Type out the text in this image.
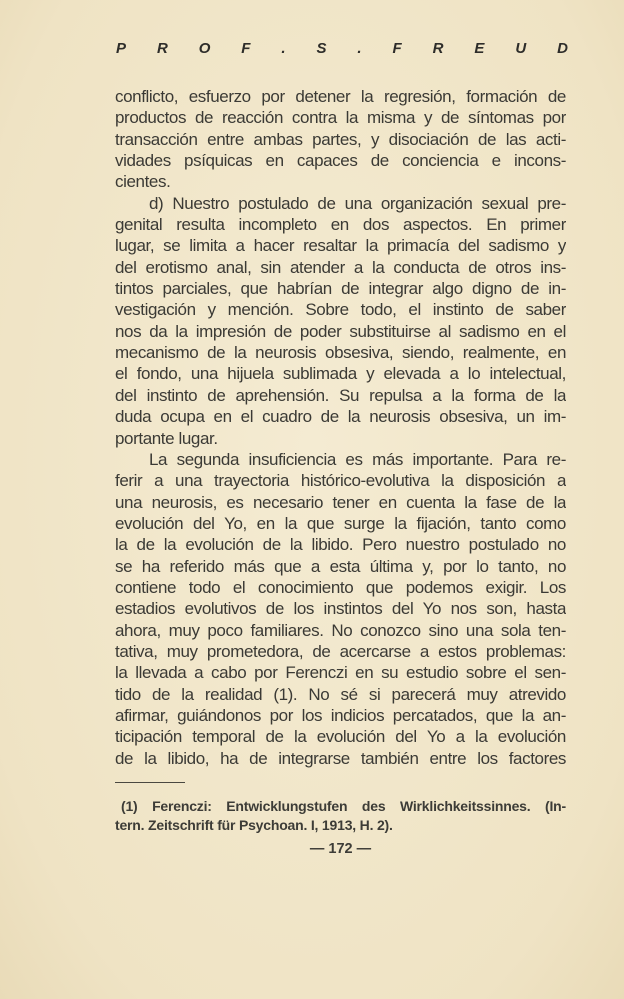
P R O F . S . F R E U D
conflicto, esfuerzo por detener la regresión, formación de
productos de reacción contra la misma y de síntomas por
transacción entre ambas partes, y disociación de las acti-
vidades psíquicas en capaces de conciencia e incons-
cientes.
d) Nuestro postulado de una organización sexual pre-
genital resulta incompleto en dos aspectos. En primer
lugar, se limita a hacer resaltar la primacía del sadismo y
del erotismo anal, sin atender a la conducta de otros ins-
tintos parciales, que habrían de integrar algo digno de in-
vestigación y mención. Sobre todo, el instinto de saber
nos da la impresión de poder substituirse al sadismo en el
mecanismo de la neurosis obsesiva, siendo, realmente, en
el fondo, una hijuela sublimada y elevada a lo intelectual,
del instinto de aprehensión. Su repulsa a la forma de la
duda ocupa en el cuadro de la neurosis obsesiva, un im-
portante lugar.
La segunda insuficiencia es más importante. Para re-
ferir a una trayectoria histórico-evolutiva la disposición a
una neurosis, es necesario tener en cuenta la fase de la
evolución del Yo, en la que surge la fijación, tanto como
la de la evolución de la libido. Pero nuestro postulado no
se ha referido más que a esta última y, por lo tanto, no
contiene todo el conocimiento que podemos exigir. Los
estadios evolutivos de los instintos del Yo nos son, hasta
ahora, muy poco familiares. No conozco sino una sola ten-
tativa, muy prometedora, de acercarse a estos problemas:
la llevada a cabo por Ferenczi en su estudio sobre el sen-
tido de la realidad (1). No sé si parecerá muy atrevido
afirmar, guiándonos por los indicios percatados, que la an-
ticipación temporal de la evolución del Yo a la evolución
de la libido, ha de integrarse también entre los factores
(1) Ferenczi: Entwicklungstufen des Wirklichkeitssinnes. (In-
tern. Zeitschrift für Psychoan. I, 1913, H. 2).
— 172 —
